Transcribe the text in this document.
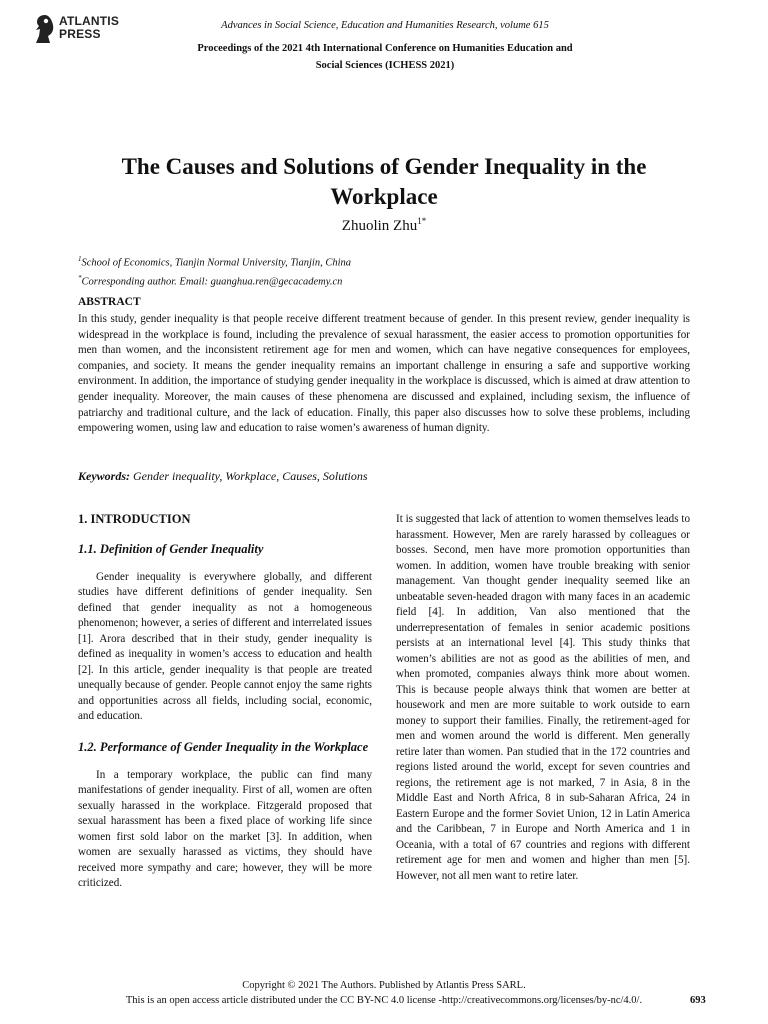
ATLANTIS PRESS
Advances in Social Science, Education and Humanities Research, volume 615
Proceedings of the 2021 4th International Conference on Humanities Education and
Social Sciences (ICHESS 2021)
The Causes and Solutions of Gender Inequality in the
Workplace
Zhuolin Zhu$^{1*}$
$^1$School of Economics, Tianjin Normal University, Tianjin, China
*Corresponding author. Email: guanghua.ren@gecacademy.cn
ABSTRACT
In this study, gender inequality is that people receive different treatment because of gender. In this present review, gender inequality is widespread in the workplace is found, including the prevalence of sexual harassment, the easier access to promotion opportunities for men than women, and the inconsistent retirement age for men and women, which can have negative consequences for employees, companies, and society. It means the gender inequality remains an important challenge in ensuring a safe and supportive working environment. In addition, the importance of studying gender inequality in the workplace is discussed, which is aimed at draw attention to gender inequality. Moreover, the main causes of these phenomena are discussed and explained, including sexism, the influence of patriarchy and traditional culture, and the lack of education. Finally, this paper also discusses how to solve these problems, including empowering women, using law and education to raise women’s awareness of human dignity.
Keywords: Gender inequality, Workplace, Causes, Solutions

1. INTRODUCTION

1.1. Definition of Gender Inequality

Gender inequality is everywhere globally, and different studies have different definitions of gender inequality. Sen defined that gender inequality as not a homogeneous phenomenon; however, a series of different and interrelated issues [1]. Arora described that in their study, gender inequality is defined as inequality in women’s access to education and health [2]. In this article, gender inequality is that people are treated unequally because of gender. People cannot enjoy the same rights and opportunities across all fields, including social, economic, and education.

1.2. Performance of Gender Inequality in the Workplace

In a temporary workplace, the public can find many manifestations of gender inequality. First of all, women are often sexually harassed in the workplace. Fitzgerald proposed that sexual harassment has been a fixed place of working life since women first sold labor on the market [3]. In addition, when women are sexually harassed as victims, they should have received more sympathy and care; however, they will be more criticized.

It is suggested that lack of attention to women themselves leads to harassment. However, Men are rarely harassed by colleagues or bosses. Second, men have more promotion opportunities than women. In addition, women have trouble breaking with senior management. Van thought gender inequality seemed like an unbeatable seven-headed dragon with many faces in an academic field [4]. In addition, Van also mentioned that the underrepresentation of females in senior academic positions persists at an international level [4]. This study thinks that women’s abilities are not as good as the abilities of men, and when promoted, companies always think more about women. This is because people always think that women are better at housework and men are more suitable to work outside to earn money to support their families. Finally, the retirement-aged for men and women around the world is different. Men generally retire later than women. Pan studied that in the 172 countries and regions listed around the world, except for seven countries and regions, the retirement age is not marked, 7 in Asia, 8 in the Middle East and North Africa, 8 in sub-Saharan Africa, 24 in Eastern Europe and the former Soviet Union, 12 in Latin America and the Caribbean, 7 in Europe and North America and 1 in Oceania, with a total of 67 countries and regions with different retirement age for men and women and higher than men [5]. However, not all men want to retire later.

Copyright © 2021 The Authors. Published by Atlantis Press SARL.
This is an open access article distributed under the CC BY-NC 4.0 license -http://creativecommons.org/licenses/by-nc/4.0/.	693
